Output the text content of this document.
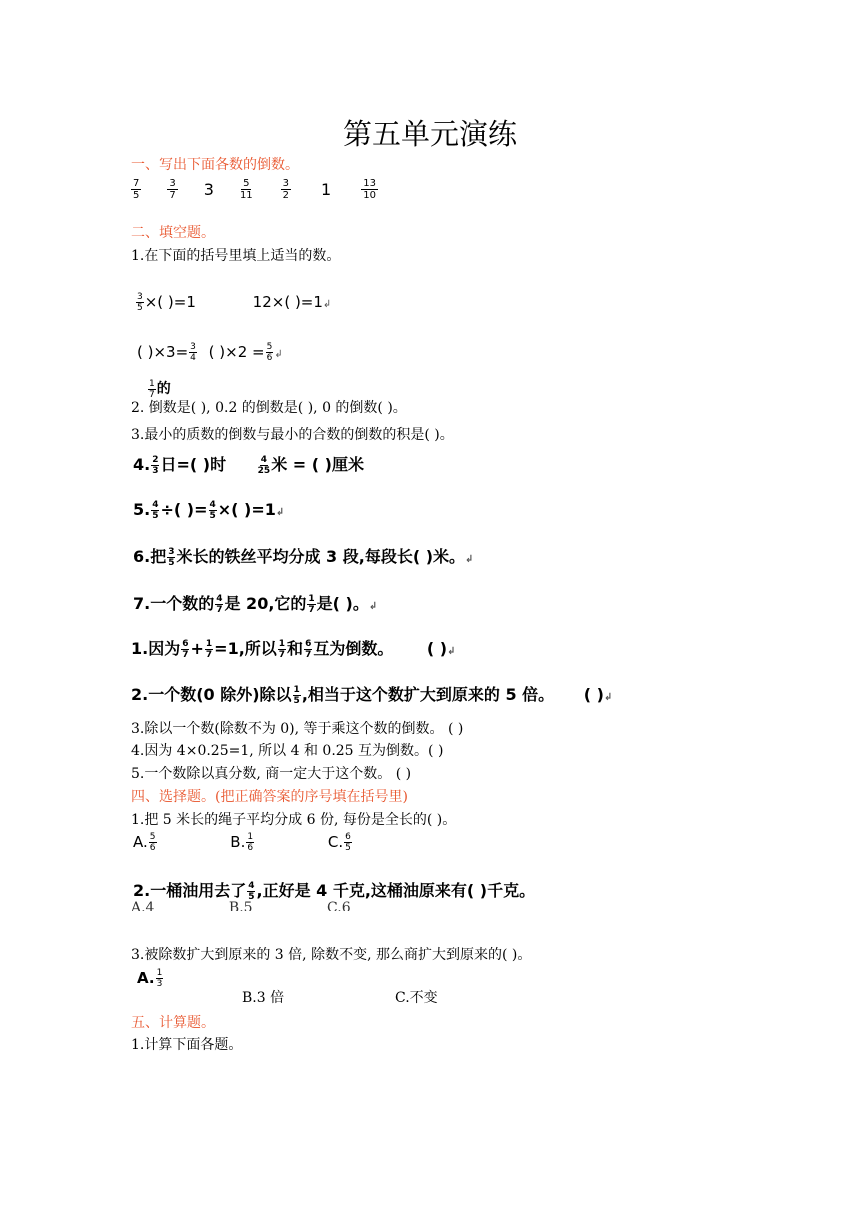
第五单元演练
一、写出下面各数的倒数。
$\frac{7}{5}$	$\frac{3}{7} 3$	$\frac{5}{11}$	$\frac{3}{2} 1$	$\frac{13}{10}$
二、填空题。
1.在下面的括号里填上适当的数。
$\frac{3}{5}$ ×( )=1	12×( )=1↲
( )$\times 3= \frac{3}{4}$ ( )$\times 2 = \frac{5}{6}$ ↲
$\frac{1}{7}$ 的
2. 倒数是( ), 0.2 的倒数是( ), 0 的倒数( )。
3.最小的质数的倒数与最小的合数的倒数的积是( )。
4. $\frac{2}{3}$ 日=( )时	$\frac{4}{25}$ 米 = ( )厘米
5. $\frac{4}{5}$ ÷( )= $\frac{4}{5}$ ×( )=1↲
6.把 $\frac{3}{5}$ 米长的铁丝平均分成 3 段,每段长( )米。↲
7.一个数的 $\frac{4}{7}$ 是 20,它的 $\frac{1}{7}$ 是( )。↲
1.因为 $\frac{6}{7} + \frac{1}{7} =1$,所以 $\frac{1}{7}$ 和 $\frac{6}{7}$ 互为倒数。 ( )↲
2.一个数(0 除外)除以 $\frac{1}{5}$ ,相当于这个数扩大到原来的 5 倍。 ( )↲
3.除以一个数(除数不为 0), 等于乘这个数的倒数。 ( )
4.因为 4×0.25=1, 所以 4 和 0.25 互为倒数。( )
5.一个数除以真分数, 商一定大于这个数。 ( )
四、选择题。(把正确答案的序号填在括号里)
1.把 5 米长的绳子平均分成 6 份, 每份是全长的( )。
A. $\frac{5}{6}$	B. $\frac{1}{6}$	C. $\frac{6}{5}$
2.一桶油用去了 $\frac{4}{5}$ ,正好是 4 千克,这桶油原来有( )千克。
A.4	B.5	C.6
3.被除数扩大到原来的 3 倍, 除数不变, 那么商扩大到原来的( )。
A. $\frac{1}{3}$
B.3 倍	C.不变
五、计算题。
1.计算下面各题。
